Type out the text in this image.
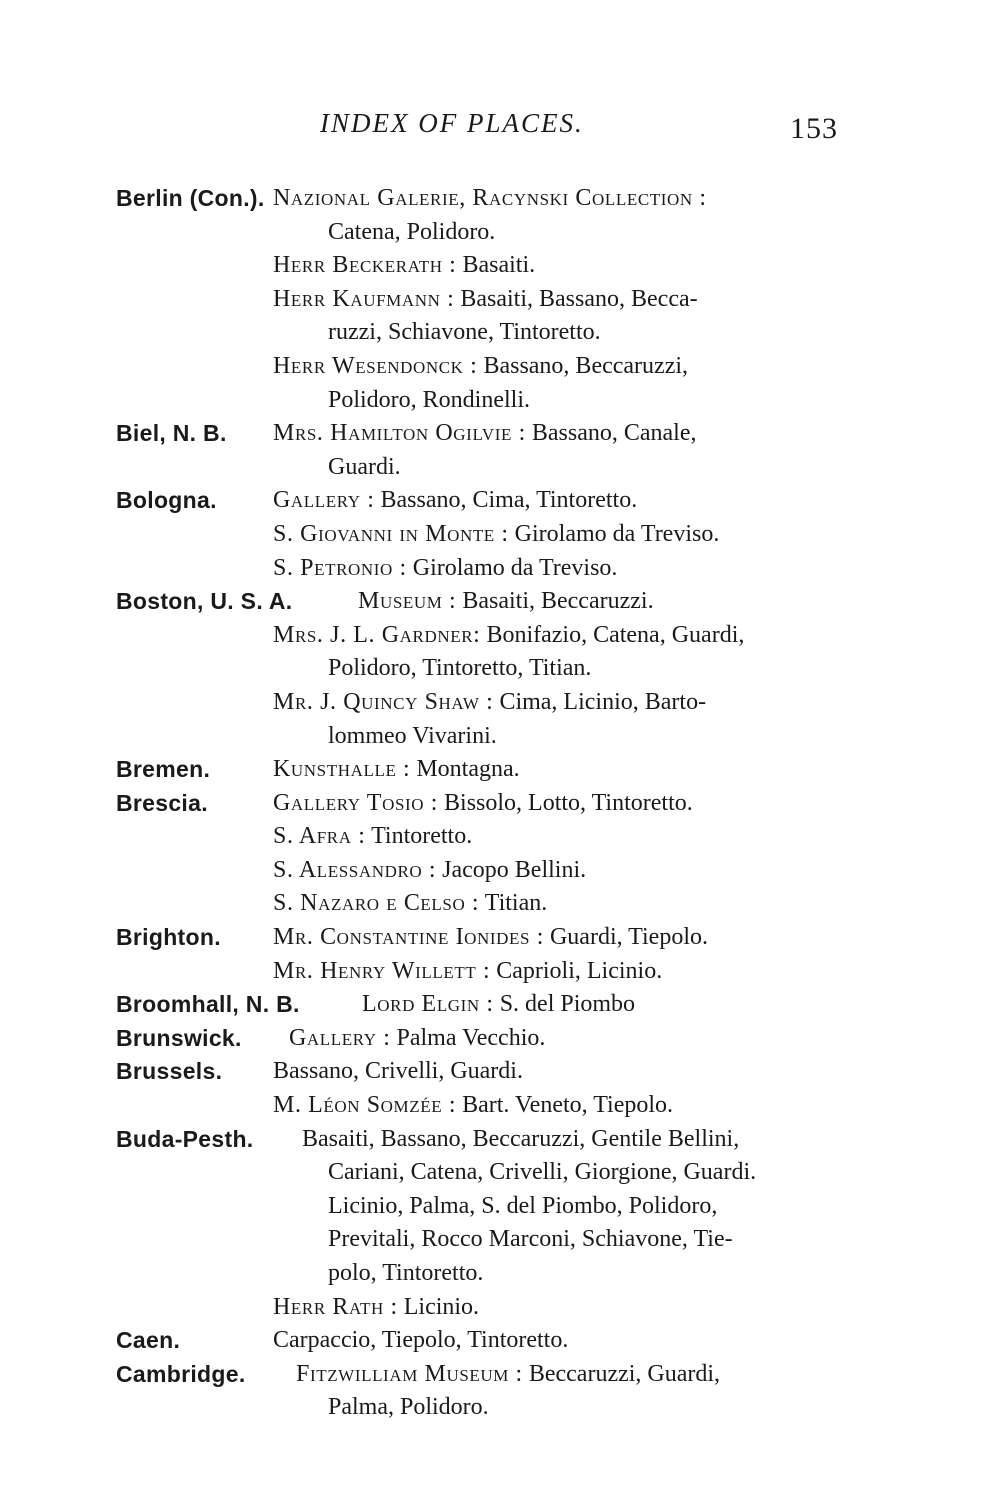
INDEX OF PLACES.	153
Berlin (Con.). Nazional Galerie, Racynski Collection :
Catena, Polidoro.
Herr Beckerath : Basaiti.
Herr Kaufmann : Basaiti, Bassano, Becca-
ruzzi, Schiavone, Tintoretto.
Herr Wesendonck : Bassano, Beccaruzzi,
Polidoro, Rondinelli.
Biel, N. B. Mrs. Hamilton Ogilvie : Bassano, Canale,
Guardi.
Bologna. Gallery : Bassano, Cima, Tintoretto.
S. Giovanni in Monte : Girolamo da Treviso.
S. Petronio : Girolamo da Treviso.
Boston, U. S. A.	Museum : Basaiti, Beccaruzzi.
Mrs. J. L. Gardner: Bonifazio, Catena, Guardi,
Polidoro, Tintoretto, Titian.
Mr. J. Quincy Shaw : Cima, Licinio, Barto-
lommeo Vivarini.
Bremen.	Kunsthalle : Montagna.
Brescia.	Gallery Tosio : Bissolo, Lotto, Tintoretto.
S. Afra : Tintoretto.
S. Alessandro : Jacopo Bellini.
S. Nazaro e Celso : Titian.
Brighton. Mr. Constantine Ionides : Guardi, Tiepolo.
Mr. Henry Willett : Caprioli, Licinio.
Broomhall, N. B.	Lord Elgin : S. del Piombo
Brunswick. Gallery : Palma Vecchio.
Brussels. Bassano, Crivelli, Guardi.
M. Léon Somzée : Bart. Veneto, Tiepolo.
Buda-Pesth. Basaiti, Bassano, Beccaruzzi, Gentile Bellini,
Cariani, Catena, Crivelli, Giorgione, Guardi.
Licinio, Palma, S. del Piombo, Polidoro,
Previtali, Rocco Marconi, Schiavone, Tie-
polo, Tintoretto.
Herr Rath : Licinio.
Caen.	Carpaccio, Tiepolo, Tintoretto.
Cambridge. Fitzwilliam Museum : Beccaruzzi, Guardi,
Palma, Polidoro.
